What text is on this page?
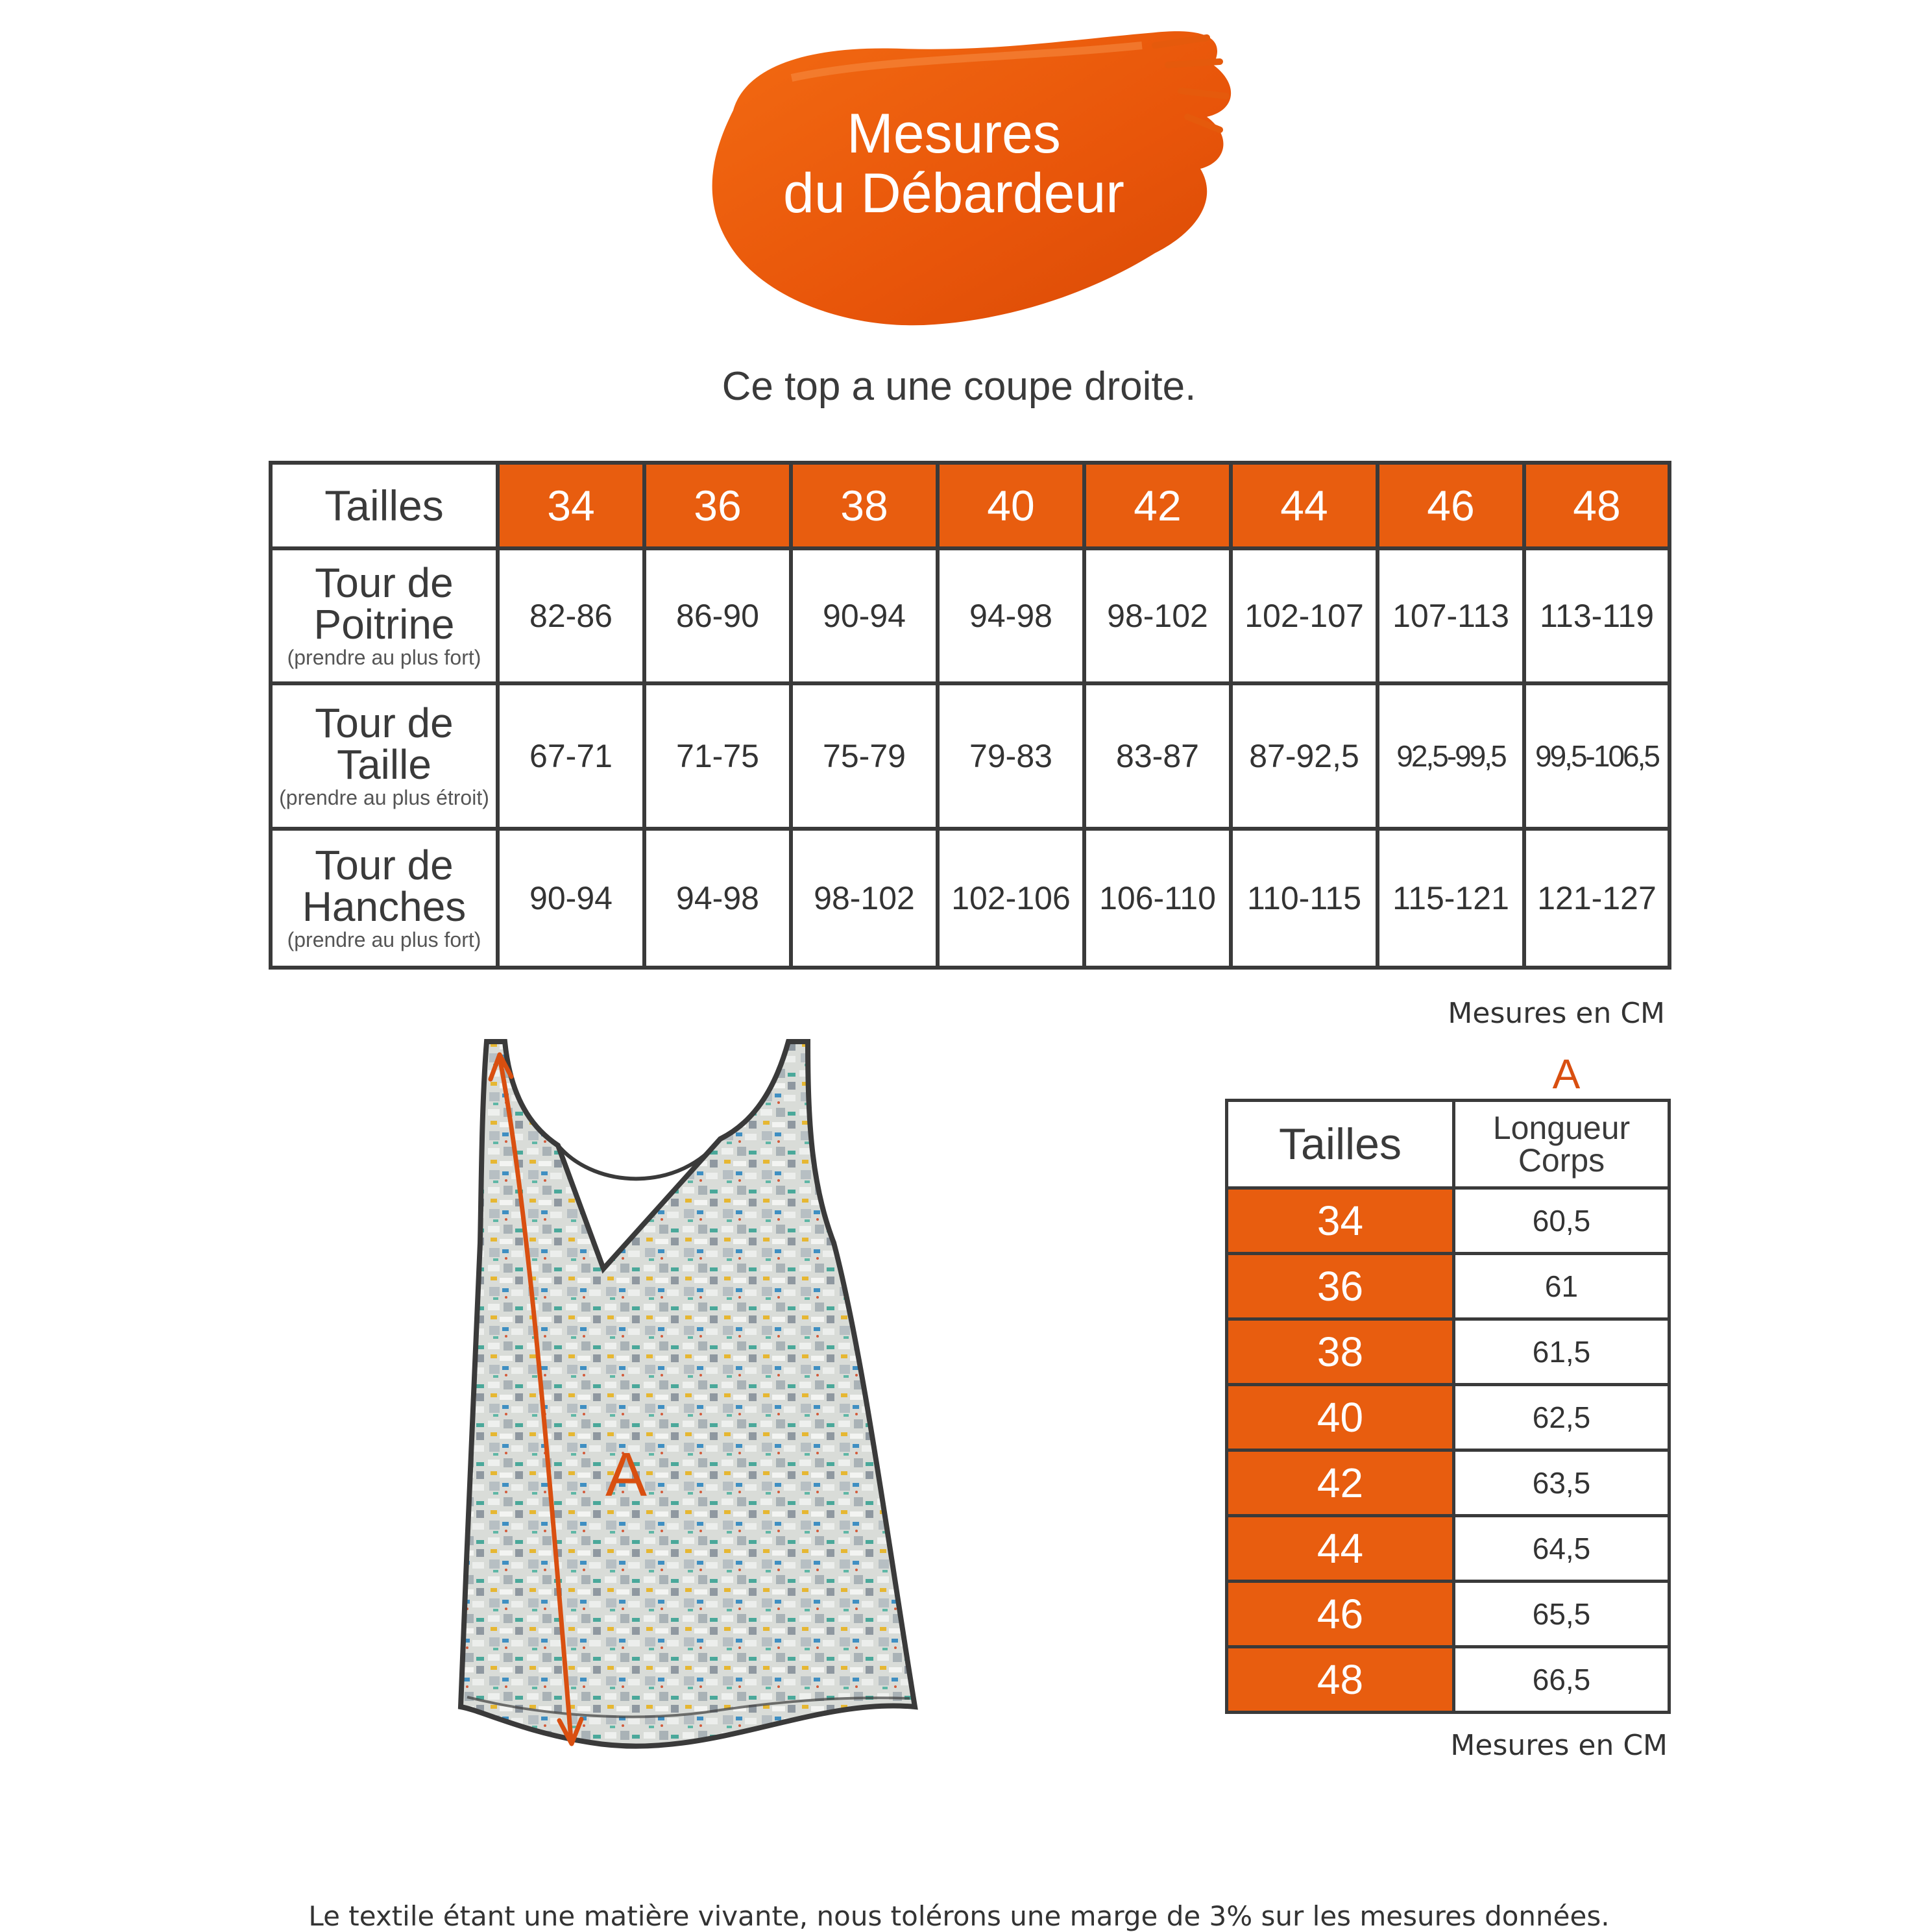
Mesures
du Débardeur
Ce top a une coupe droite.
Tailles	34	36	38	40	42	44	46	48

Tour de
Poitrine
(prendre au plus fort)	82-86	86-90	90-94	94-98	98-102	102-107	107-113	113-119

Tour de
Taille
(prendre au plus étroit)	67-71	71-75	75-79	79-83	83-87	87-92,5	92,5-99,5	99,5-106,5

Tour de
Hanches
(prendre au plus fort)	90-94	94-98	98-102	102-106	106-110	110-115	115-121	121-127
Mesures en CM
A
A
Tailles	Longueur
Corps

34	60,5
36	61
38	61,5
40	62,5
42	63,5
44	64,5
46	65,5
48	66,5
Mesures en CM
Le textile étant une matière vivante, nous tolérons une marge de 3% sur les mesures données.
